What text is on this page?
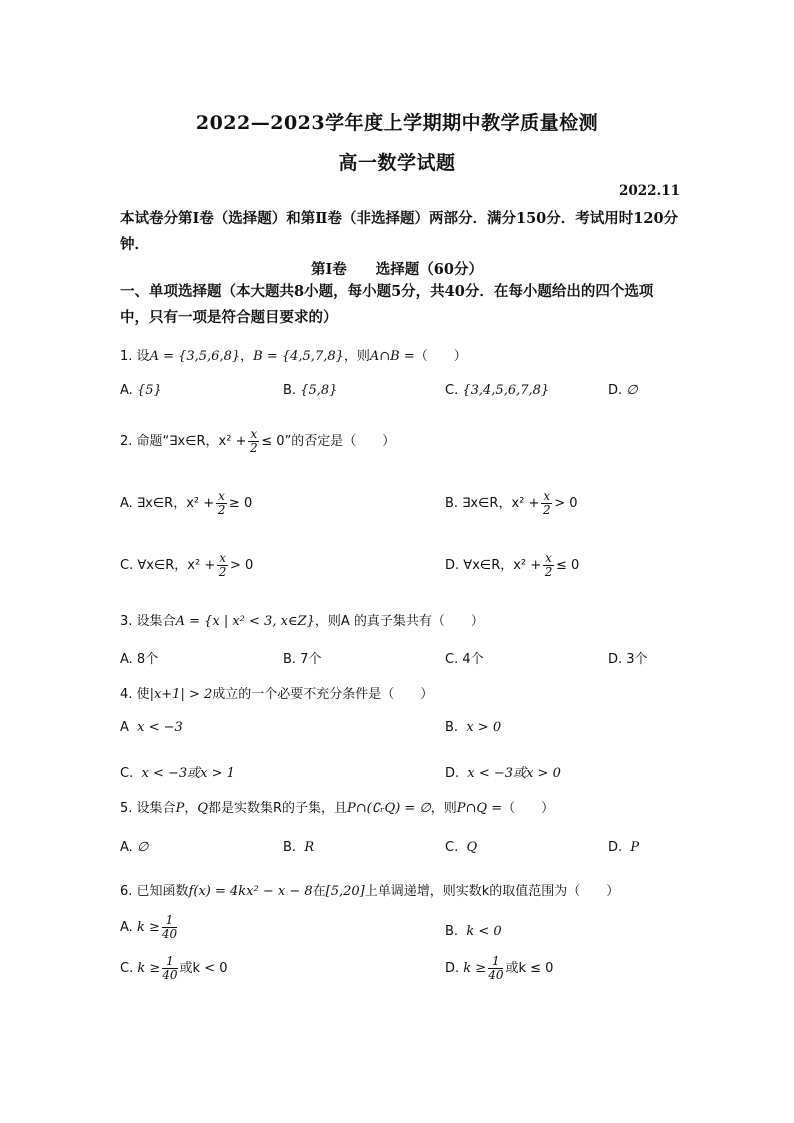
2022—2023学年度上学期期中教学质量检测
高一数学试题
2022.11
本试卷分第Ⅰ卷（选择题）和第Ⅱ卷（非选择题）两部分．满分150分．考试用时120分钟．
第Ⅰ卷　　选择题（60分）
一、单项选择题（本大题共8小题，每小题5分，共40分．在每小题给出的四个选项中，只有一项是符合题目要求的）
1. 设A = {3,5,6,8}，B = {4,5,7,8}，则A∩B =（　　）
A. {5}	B. {5,8}	C. {3,4,5,6,7,8}	D. ∅
2. 命题“∃x∈R，$x^2 + \frac{x}{2} \le 0$”的否定是（　　）
A. ∃x∈R，$x^2 + \frac{x}{2} \ge 0$	B. ∃x∈R，$x^2 + \frac{x}{2} > 0$
C. ∀x∈R，$x^2 + \frac{x}{2} > 0$	D. ∀x∈R，$x^2 + \frac{x}{2} \le 0$
3. 设集合A = {x | x² < 3, x∈Z}，则A 的真子集共有（　　）
A. 8个	B. 7个	C. 4个	D. 3个
4. 使|x+1| > 2成立的一个必要不充分条件是（　　）
A x < −3	B. x > 0
C. x < −3或x > 1	D. x < −3或x > 0
5. 设集合P，Q都是实数集R的子集，且P∩(∁ᵣQ) = ∅，则P∩Q =（　　）
A. ∅	B. R	C. Q	D. P
6. 已知函数f(x) = 4kx² − x − 8在[5,20]上单调递增，则实数k的取值范围为（　　）
A. $k \ge \frac{1}{40}$	B. k < 0
C. $k \ge \frac{1}{40}$ 或k < 0	D. $k \ge \frac{1}{40}$ 或k ≤ 0
